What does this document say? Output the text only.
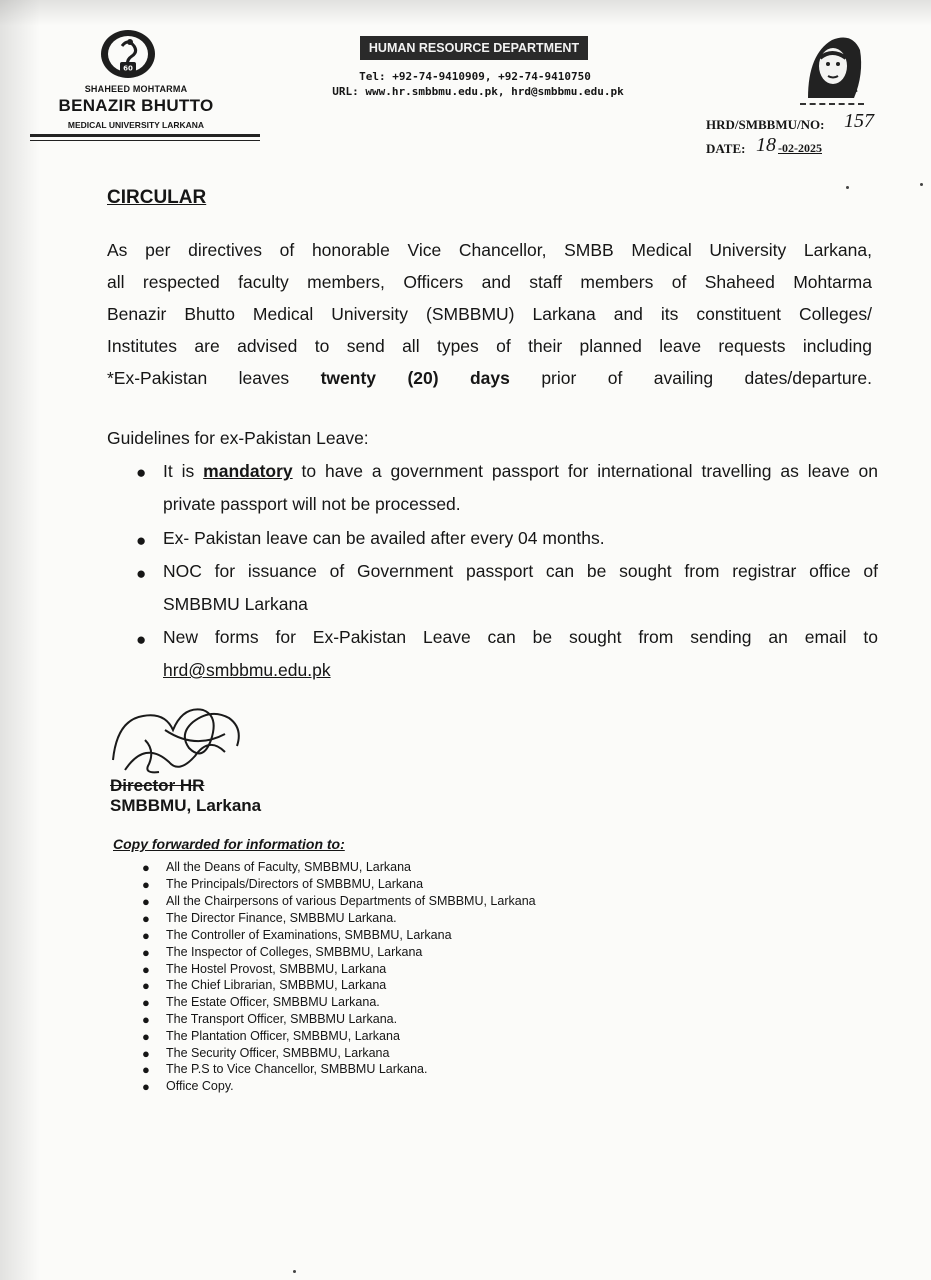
60
SHAHEED MOHTARMA
BENAZIR BHUTTO
MEDICAL UNIVERSITY LARKANA
HUMAN RESOURCE DEPARTMENT
Tel: +92-74-9410909, +92-74-9410750
URL: www.hr.smbbmu.edu.pk, hrd@smbbmu.edu.pk
HRD/SMBBMU/NO: 157
DATE: 18 -02-2025
CIRCULAR
As per directives of honorable Vice Chancellor, SMBB Medical University Larkana,
all respected faculty members, Officers and staff members of Shaheed Mohtarma
Benazir Bhutto Medical University (SMBBMU) Larkana and its constituent Colleges/
Institutes are advised to send all types of their planned leave requests including
*Ex-Pakistan leaves twenty (20) days prior of availing dates/departure.
Guidelines for ex-Pakistan Leave:
● It is mandatory to have a government passport for international travelling as leave on
private passport will not be processed.
● Ex- Pakistan leave can be availed after every 04 months.
● NOC for issuance of Government passport can be sought from registrar office of
SMBBMU Larkana
● New forms for Ex-Pakistan Leave can be sought from sending an email to
hrd@smbbmu.edu.pk
Director HR
SMBBMU, Larkana
Copy forwarded for information to:
● All the Deans of Faculty, SMBBMU, Larkana
● The Principals/Directors of SMBBMU, Larkana
● All the Chairpersons of various Departments of SMBBMU, Larkana
● The Director Finance, SMBBMU Larkana.
● The Controller of Examinations, SMBBMU, Larkana
● The Inspector of Colleges, SMBBMU, Larkana
● The Hostel Provost, SMBBMU, Larkana
● The Chief Librarian, SMBBMU, Larkana
● The Estate Officer, SMBBMU Larkana.
● The Transport Officer, SMBBMU Larkana.
● The Plantation Officer, SMBBMU, Larkana
● The Security Officer, SMBBMU, Larkana
● The P.S to Vice Chancellor, SMBBMU Larkana.
● Office Copy.
